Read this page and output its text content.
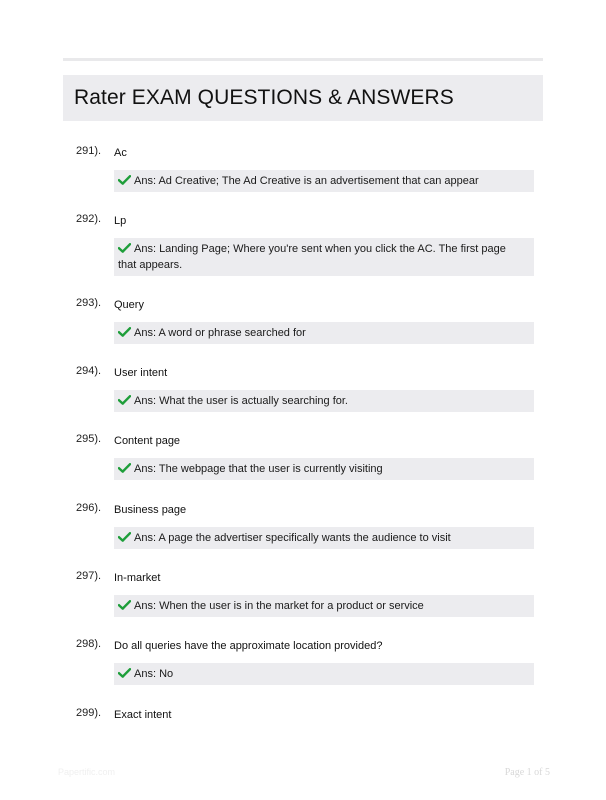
Rater EXAM QUESTIONS & ANSWERS
291). Ac
Ans: Ad Creative; The Ad Creative is an advertisement that can appear
292). Lp
Ans: Landing Page; Where you're sent when you click the AC. The first page that appears.
293). Query
Ans: A word or phrase searched for
294). User intent
Ans: What the user is actually searching for.
295). Content page
Ans: The webpage that the user is currently visiting
296). Business page
Ans: A page the advertiser specifically wants the audience to visit
297). In-market
Ans: When the user is in the market for a product or service
298). Do all queries have the approximate location provided?
Ans: No
299). Exact intent
Papertific.com	Page 1 of 5
